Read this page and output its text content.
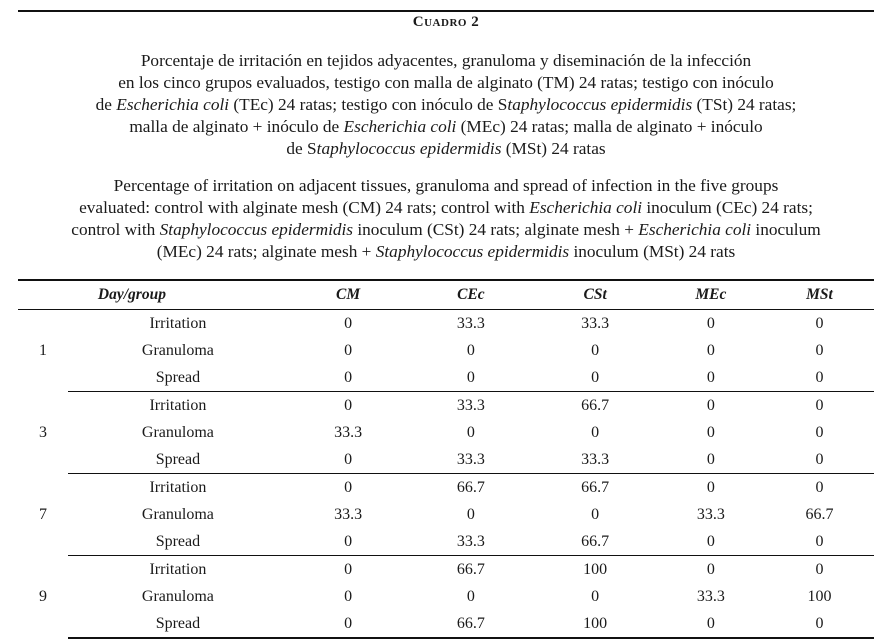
Cuadro 2
Porcentaje de irritación en tejidos adyacentes, granuloma y diseminación de la infección
en los cinco grupos evaluados, testigo con malla de alginato (TM) 24 ratas; testigo con inóculo
de Escherichia coli (TEc) 24 ratas; testigo con inóculo de Staphylococcus epidermidis (TSt) 24 ratas;
malla de alginato + inóculo de Escherichia coli (MEc) 24 ratas; malla de alginato + inóculo
de Staphylococcus epidermidis (MSt) 24 ratas
Percentage of irritation on adjacent tissues, granuloma and spread of infection in the five groups
evaluated: control with alginate mesh (CM) 24 rats; control with Escherichia coli inoculum (CEc) 24 rats;
control with Staphylococcus epidermidis inoculum (CSt) 24 rats; alginate mesh + Escherichia coli inoculum
(MEc) 24 rats; alginate mesh + Staphylococcus epidermidis inoculum (MSt) 24 rats
	Day/group	CM	CEc	CSt	MEc	MSt
1	Irritation	0	33.3	33.3	0	0
	Granuloma	0	0	0	0	0
	Spread	0	0	0	0	0
3	Irritation	0	33.3	66.7	0	0
	Granuloma	33.3	0	0	0	0
	Spread	0	33.3	33.3	0	0
7	Irritation	0	66.7	66.7	0	0
	Granuloma	33.3	0	0	33.3	66.7
	Spread	0	33.3	66.7	0	0
9	Irritation	0	66.7	100	0	0
	Granuloma	0	0	0	33.3	100
	Spread	0	66.7	100	0	0
